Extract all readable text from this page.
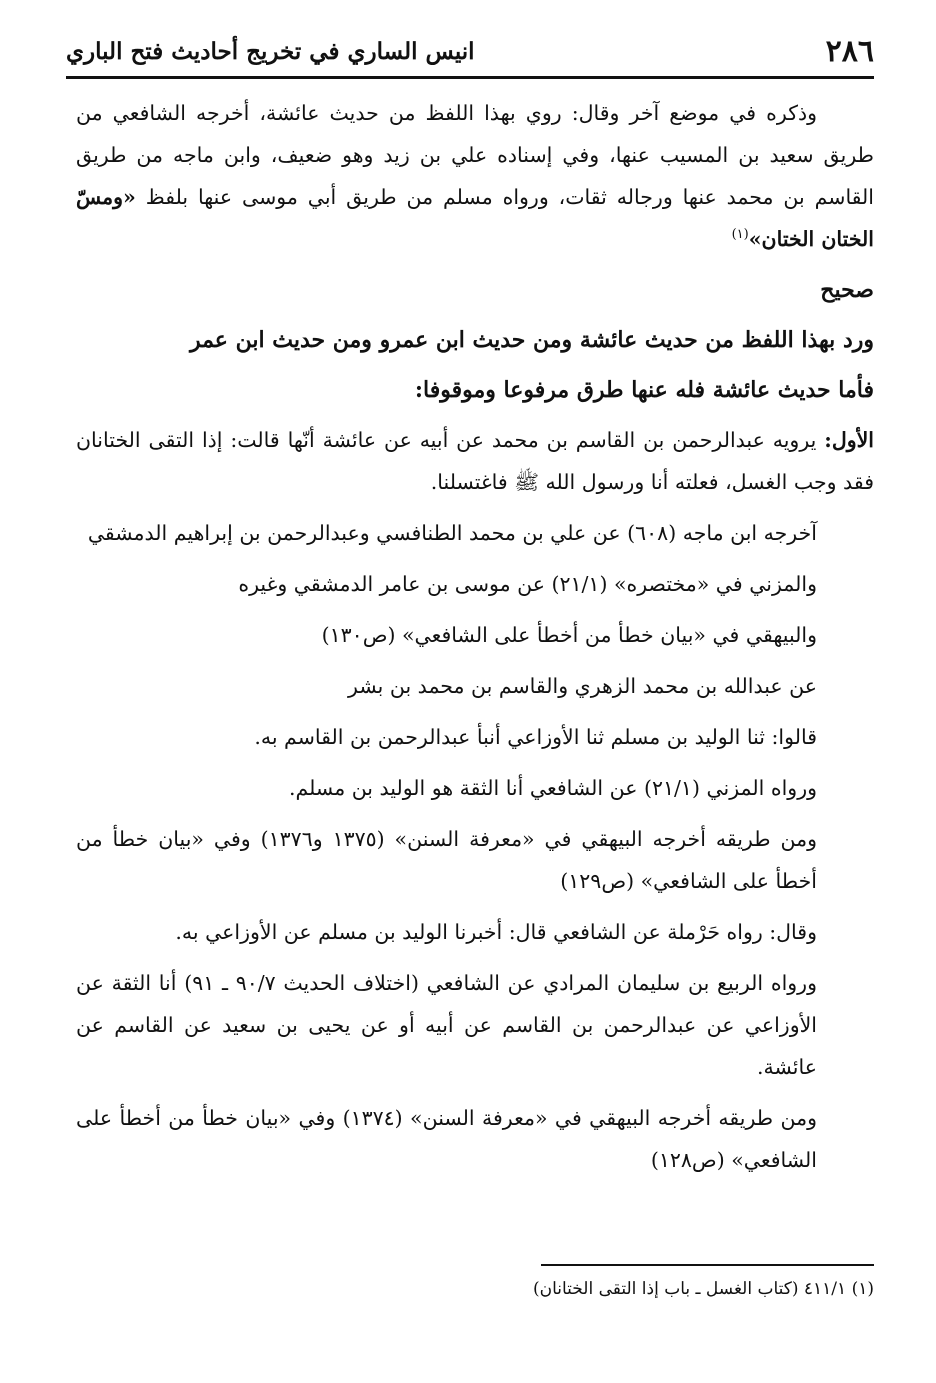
٢٨٦
انيس الساري في تخريج أحاديث فتح الباري

وذكره في موضع آخر وقال: روي بهذا اللفظ من حديث عائشة، أخرجه الشافعي من طريق سعيد بن المسيب عنها، وفي إسناده علي بن زيد وهو ضعيف، وابن ماجه من طريق القاسم بن محمد عنها ورجاله ثقات، ورواه مسلم من طريق أبي موسى عنها بلفظ «ومسّ الختان الختان»$^{(١)}$

صحيح

ورد بهذا اللفظ من حديث عائشة ومن حديث ابن عمرو ومن حديث ابن عمر

فأما حديث عائشة فله عنها طرق مرفوعا وموقوفا:

الأول: يرويه عبدالرحمن بن القاسم بن محمد عن أبيه عن عائشة أنّها قالت: إذا التقى الختانان فقد وجب الغسل، فعلته أنا ورسول الله ﷺ فاغتسلنا.

آخرجه ابن ماجه (٦٠٨) عن علي بن محمد الطنافسي وعبدالرحمن بن إبراهيم الدمشقي

والمزني في «مختصره» (٢١/١) عن موسى بن عامر الدمشقي وغيره

والبيهقي في «بيان خطأ من أخطأ على الشافعي» (ص١٣٠)

عن عبدالله بن محمد الزهري والقاسم بن محمد بن بشر

قالوا: ثنا الوليد بن مسلم ثنا الأوزاعي أنبأ عبدالرحمن بن القاسم به.

ورواه المزني (٢١/١) عن الشافعي أنا الثقة هو الوليد بن مسلم.

ومن طريقه أخرجه البيهقي في «معرفة السنن» (١٣٧٥ و١٣٧٦) وفي «بيان خطأ من أخطأ على الشافعي» (ص١٢٩)

وقال: رواه حَرْملة عن الشافعي قال: أخبرنا الوليد بن مسلم عن الأوزاعي به.

ورواه الربيع بن سليمان المرادي عن الشافعي (اختلاف الحديث ٩٠/٧ ـ ٩١) أنا الثقة عن الأوزاعي عن عبدالرحمن بن القاسم عن أبيه أو عن يحيى بن سعيد عن القاسم عن عائشة.

ومن طريقه أخرجه البيهقي في «معرفة السنن» (١٣٧٤) وفي «بيان خطأ من أخطأ على الشافعي» (ص١٢٨)

(١) ٤١١/١ (كتاب الغسل ـ باب إذا التقى الختانان)
